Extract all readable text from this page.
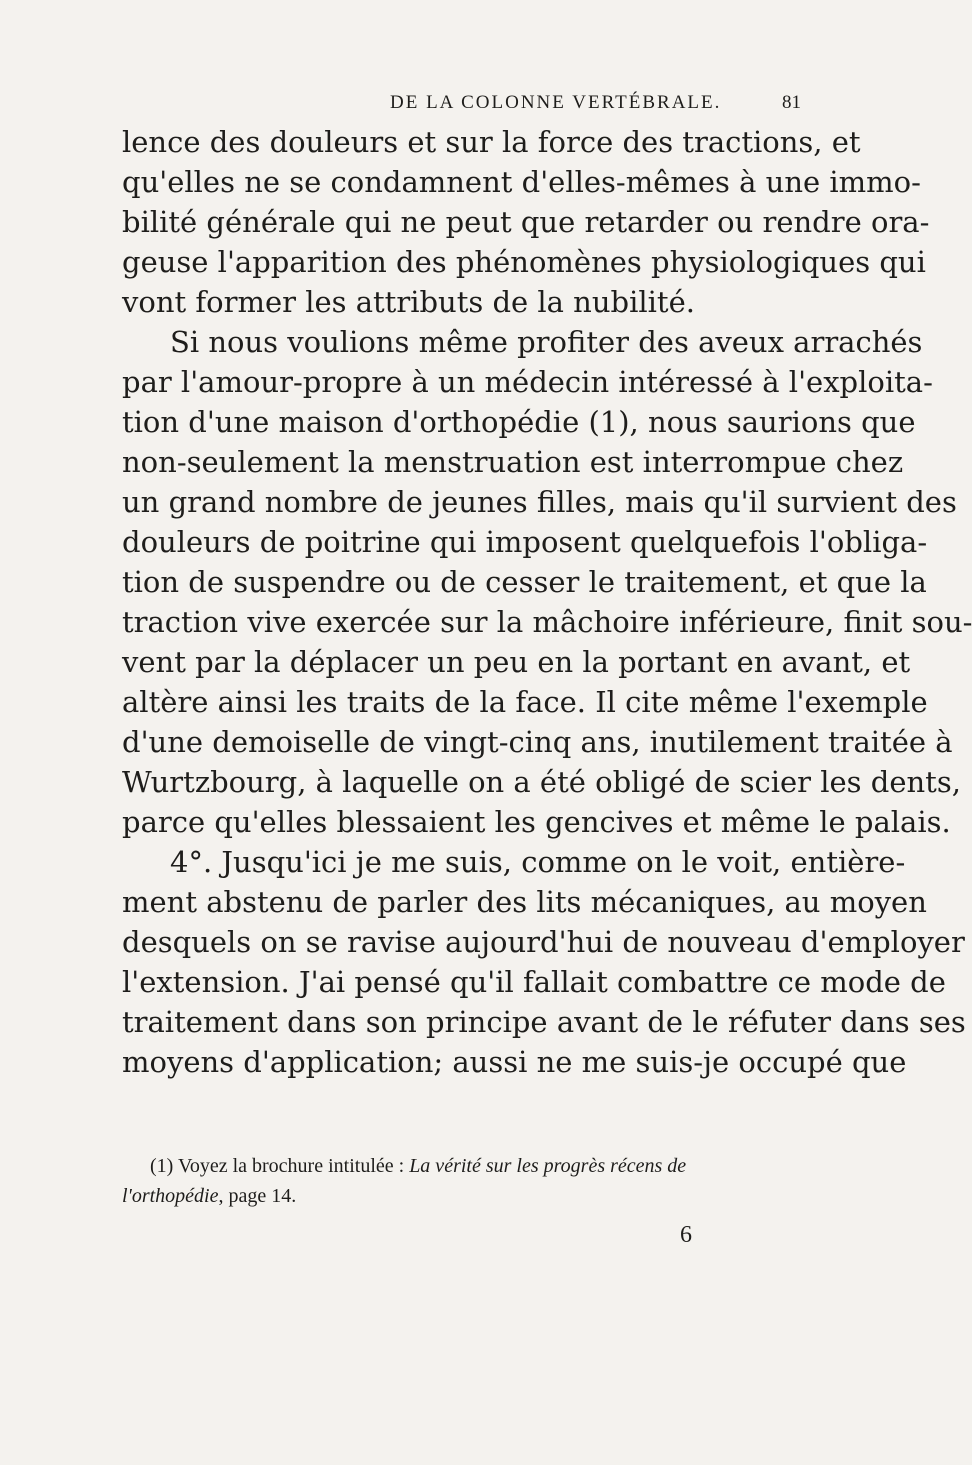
DE LA COLONNE VERTÉBRALE.	81
lence des douleurs et sur la force des tractions, et
qu'elles ne se condamnent d'elles-mêmes à une immo-
bilité générale qui ne peut que retarder ou rendre ora-
geuse l'apparition des phénomènes physiologiques qui
vont former les attributs de la nubilité.
Si nous voulions même profiter des aveux arrachés
par l'amour-propre à un médecin intéressé à l'exploita-
tion d'une maison d'orthopédie (1), nous saurions que
non-seulement la menstruation est interrompue chez
un grand nombre de jeunes filles, mais qu'il survient des
douleurs de poitrine qui imposent quelquefois l'obliga-
tion de suspendre ou de cesser le traitement, et que la
traction vive exercée sur la mâchoire inférieure, finit sou-
vent par la déplacer un peu en la portant en avant, et
altère ainsi les traits de la face. Il cite même l'exemple
d'une demoiselle de vingt-cinq ans, inutilement traitée à
Wurtzbourg, à laquelle on a été obligé de scier les dents,
parce qu'elles blessaient les gencives et même le palais.
4°. Jusqu'ici je me suis, comme on le voit, entière-
ment abstenu de parler des lits mécaniques, au moyen
desquels on se ravise aujourd'hui de nouveau d'employer
l'extension. J'ai pensé qu'il fallait combattre ce mode de
traitement dans son principe avant de le réfuter dans ses
moyens d'application; aussi ne me suis-je occupé que
(1) Voyez la brochure intitulée : La vérité sur les progrès récens de
l'orthopédie, page 14.
6
